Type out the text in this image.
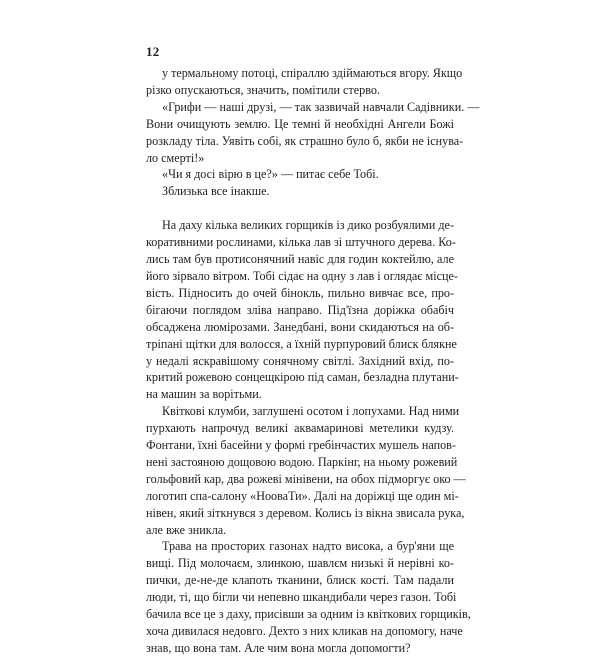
12
у термальному потоці, спіраллю здіймаються вгору. Якщо
різко опускаються, значить, помітили стерво.
«Грифи — наші друзі, — так зазвичай навчали Садівники. —
Вони очищують землю. Це темні й необхідні Ангели Божі
розкладу тіла. Уявіть собі, як страшно було б, якби не існува-
ло смерті!»
«Чи я досі вірю в це?» — питає себе Тобі.
Зблизька все інакше.
На даху кілька великих горщиків із дико розбуялими де-
коративними рослинами, кілька лав зі штучного дерева. Ко-
лись там був протисонячний навіс для годин коктейлю, але
його зірвало вітром. Тобі сідає на одну з лав і оглядає місце-
вість. Підносить до очей бінокль, пильно вивчає все, про-
бігаючи поглядом зліва направо. Під'їзна доріжка обабіч
обсаджена люмірозами. Занедбані, вони скидаються на об-
тріпані щітки для волосся, а їхній пурпуровий блиск блякне
у недалі яскравішому сонячному світлі. Західний вхід, по-
критий рожевою сонцещкірою під саман, безладна плутани-
на машин за ворітьми.
Квіткові клумби, заглушені осотом і лопухами. Над ними
пурхають напрочуд великі аквамаринові метелики кудзу.
Фонтани, їхні басейни у формі гребінчастих мушель напов-
нені застояною дощовою водою. Паркінг, на ньому рожевий
гольфовий кар, два рожеві мінівени, на обох підморгує око —
логотип спа-салону «НоoваТи». Далі на доріжці ще один мі-
нівен, який зіткнувся з деревом. Колись із вікна звисала рука,
але вже зникла.
Трава на просторих газонах надто висока, а бур'яни ще
вищі. Під молочаєм, злинкою, шавлєм низькі й нерівні ко-
пички, де-не-де клапоть тканини, блиск кості. Там падали
люди, ті, що бігли чи непевно шкандибали через газон. Тобі
бачила все це з даху, присівши за одним із квіткових горщиків,
хоча дивилася недовго. Дехто з них кликав на допомогу, наче
знав, що вона там. Але чим вона могла допомогти?
